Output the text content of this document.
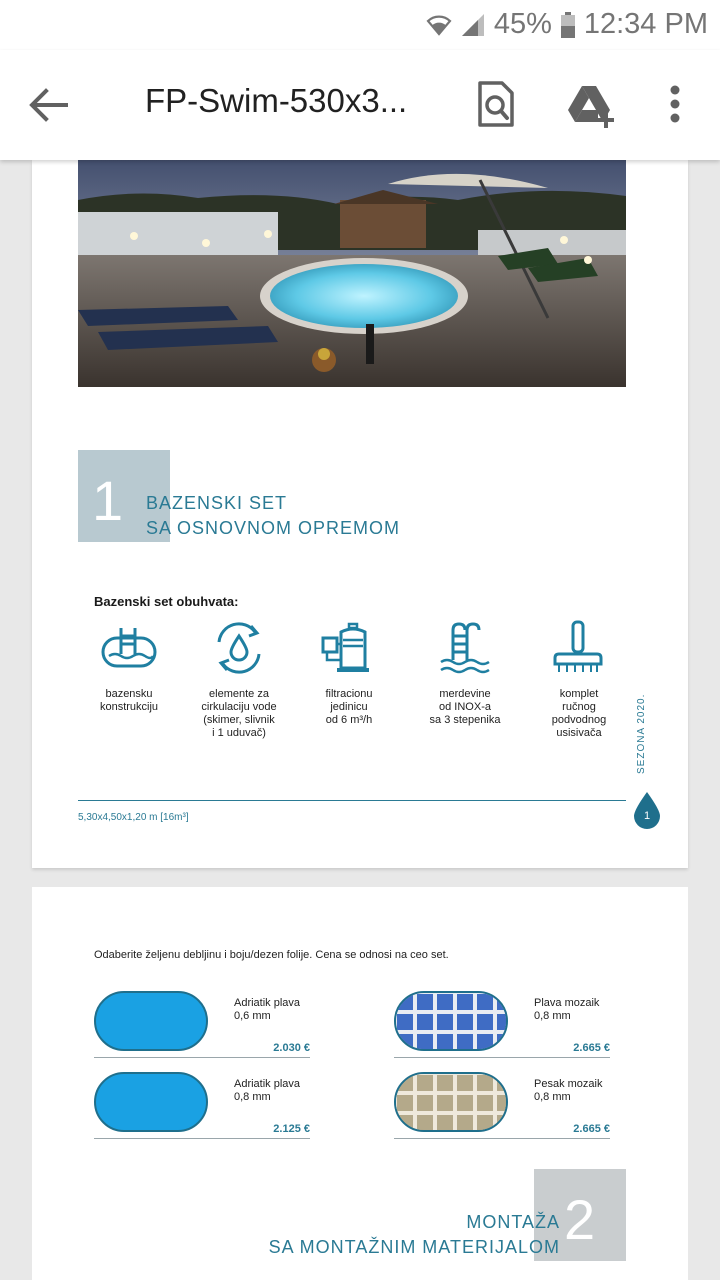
45% 12:34 PM
FP-Swim-530x3...
1 BAZENSKI SET
SA OSNOVNOM OPREMOM
Bazenski set obuhvata:
bazensku
konstrukciju
elemente za
cirkulaciju vode
(skimer, slivnik
i 1 uduvač)
filtracionu
jedinicu
od 6 m³/h
merdevine
od INOX-a
sa 3 stepenika
komplet
ručnog
podvodnog
usisivača	SEZONA 2020.
5,30x4,50x1,20 m [16m³]	1
Odaberite željenu debljinu i boju/dezen folije. Cena se odnosi na ceo set.
Adriatik plava
0,6 mm
2.030 €
Plava mozaik
0,8 mm
2.665 €
Adriatik plava
0,8 mm
2.125 €
Pesak mozaik
0,8 mm
2.665 €
2
MONTAŽA
SA MONTAŽNIM MATERIJALOM
